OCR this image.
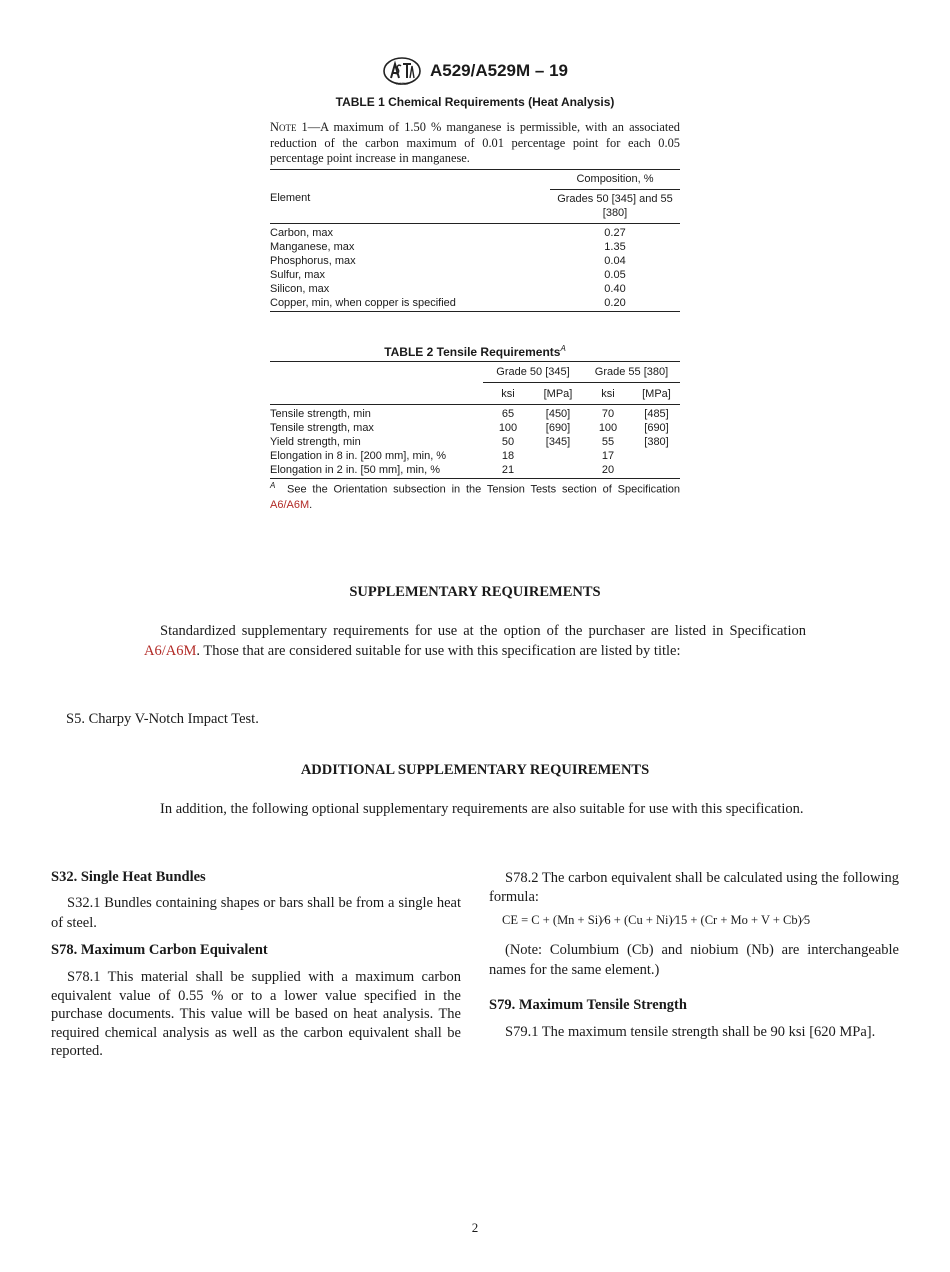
ASTM
A529/A529M – 19
TABLE 1 Chemical Requirements (Heat Analysis)
Note 1—A maximum of 1.50 % manganese is permissible, with an associated reduction of the carbon maximum of 0.01 percentage point for each 0.05 percentage point increase in manganese.
Element	Composition, %
	Grades 50 [345] and 55 [380]
Carbon, max	0.27
Manganese, max	1.35
Phosphorus, max	0.04
Sulfur, max	0.05
Silicon, max	0.40
Copper, min, when copper is specified	0.20

TABLE 2 Tensile Requirements$^A$
	Grade 50 [345]		Grade 55 [380]	
	ksi	[MPa]	ksi	[MPa]
Tensile strength, min	65	[450]	70	[485]
Tensile strength, max	100	[690]	100	[690]
Yield strength, min	50	[345]	55	[380]
Elongation in 8 in. [200 mm], min, %	18		17	
Elongation in 2 in. [50 mm], min, %	21		20	

$^A$ See the Orientation subsection in the Tension Tests section of Specification A6/A6M.
SUPPLEMENTARY REQUIREMENTS
Standardized supplementary requirements for use at the option of the purchaser are listed in Specification A6/A6M. Those that are considered suitable for use with this specification are listed by title:
S5. Charpy V-Notch Impact Test.
ADDITIONAL SUPPLEMENTARY REQUIREMENTS
In addition, the following optional supplementary requirements are also suitable for use with this specification.
S32. Single Heat Bundles
S32.1 Bundles containing shapes or bars shall be from a single heat of steel.
S78. Maximum Carbon Equivalent
S78.1 This material shall be supplied with a maximum carbon equivalent value of 0.55 % or to a lower value specified in the purchase documents. This value will be based on heat analysis. The required chemical analysis as well as the carbon equivalent shall be reported.
S78.2 The carbon equivalent shall be calculated using the following formula:
CE = C + (Mn + Si)⁄6 + (Cu + Ni)⁄15 + (Cr + Mo + V + Cb)⁄5
(Note: Columbium (Cb) and niobium (Nb) are interchangeable names for the same element.)
S79. Maximum Tensile Strength
S79.1 The maximum tensile strength shall be 90 ksi [620 MPa].
2
